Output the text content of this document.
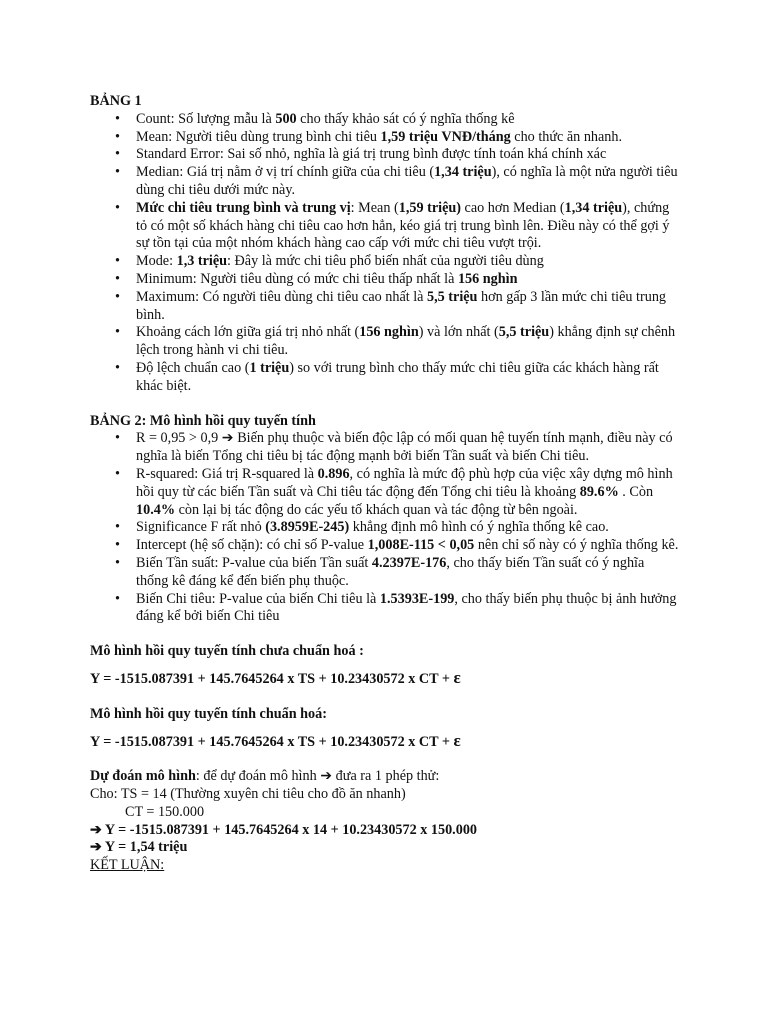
BẢNG 1

• Count: Số lượng mẫu là 500 cho thấy khảo sát có ý nghĩa thống kê
• Mean: Người tiêu dùng trung bình chi tiêu 1,59 triệu VNĐ/tháng cho thức ăn nhanh.
• Standard Error: Sai số nhỏ, nghĩa là giá trị trung bình được tính toán khá chính xác
• Median: Giá trị nằm ở vị trí chính giữa của chi tiêu (1,34 triệu), có nghĩa là một nửa người tiêu dùng chi tiêu dưới mức này.
• Mức chi tiêu trung bình và trung vị: Mean (1,59 triệu) cao hơn Median (1,34 triệu), chứng tỏ có một số khách hàng chi tiêu cao hơn hẳn, kéo giá trị trung bình lên. Điều này có thể gợi ý sự tồn tại của một nhóm khách hàng cao cấp với mức chi tiêu vượt trội.
• Mode: 1,3 triệu: Đây là mức chi tiêu phổ biến nhất của người tiêu dùng
• Minimum: Người tiêu dùng có mức chi tiêu thấp nhất là 156 nghìn
• Maximum: Có người tiêu dùng chi tiêu cao nhất là 5,5 triệu hơn gấp 3 lần mức chi tiêu trung bình.
• Khoảng cách lớn giữa giá trị nhỏ nhất (156 nghìn) và lớn nhất (5,5 triệu) khẳng định sự chênh lệch trong hành vi chi tiêu.
• Độ lệch chuẩn cao (1 triệu) so với trung bình cho thấy mức chi tiêu giữa các khách hàng rất khác biệt.

BẢNG 2: Mô hình hồi quy tuyến tính

• R = 0,95 > 0,9 ➔ Biến phụ thuộc và biến độc lập có mối quan hệ tuyến tính mạnh, điều này có nghĩa là biến Tổng chi tiêu bị tác động mạnh bởi biến Tần suất và biến Chi tiêu.
• R-squared: Giá trị R-squared là 0.896, có nghĩa là mức độ phù hợp của việc xây dựng mô hình hồi quy từ các biến Tần suất và Chi tiêu tác động đến Tổng chi tiêu là khoảng 89.6% . Còn 10.4% còn lại bị tác động do các yếu tố khách quan và tác động từ bên ngoài.
• Significance F rất nhỏ (3.8959E-245) khẳng định mô hình có ý nghĩa thống kê cao.
• Intercept (hệ số chặn): có chỉ số P-value 1,008E-115 < 0,05 nên chỉ số này có ý nghĩa thống kê.
• Biến Tần suất: P-value của biến Tần suất 4.2397E-176, cho thấy biến Tần suất có ý nghĩa thống kê đáng kể đến biến phụ thuộc.
• Biến Chi tiêu: P-value của biến Chi tiêu là 1.5393E-199, cho thấy biến phụ thuộc bị ảnh hưởng đáng kể bởi biến Chi tiêu

Mô hình hồi quy tuyến tính chưa chuẩn hoá :

Y = -1515.087391 + 145.7645264 x TS + 10.23430572 x CT + ε

Mô hình hồi quy tuyến tính chuẩn hoá:

Y = -1515.087391 + 145.7645264 x TS + 10.23430572 x CT + ε

Dự đoán mô hình: để dự đoán mô hình ➔ đưa ra 1 phép thử:

Cho: TS = 14 (Thường xuyên chi tiêu cho đồ ăn nhanh)

CT = 150.000

➔ Y = -1515.087391 + 145.7645264 x 14 + 10.23430572 x 150.000

➔ Y = 1,54 triệu

KẾT LUẬN:
